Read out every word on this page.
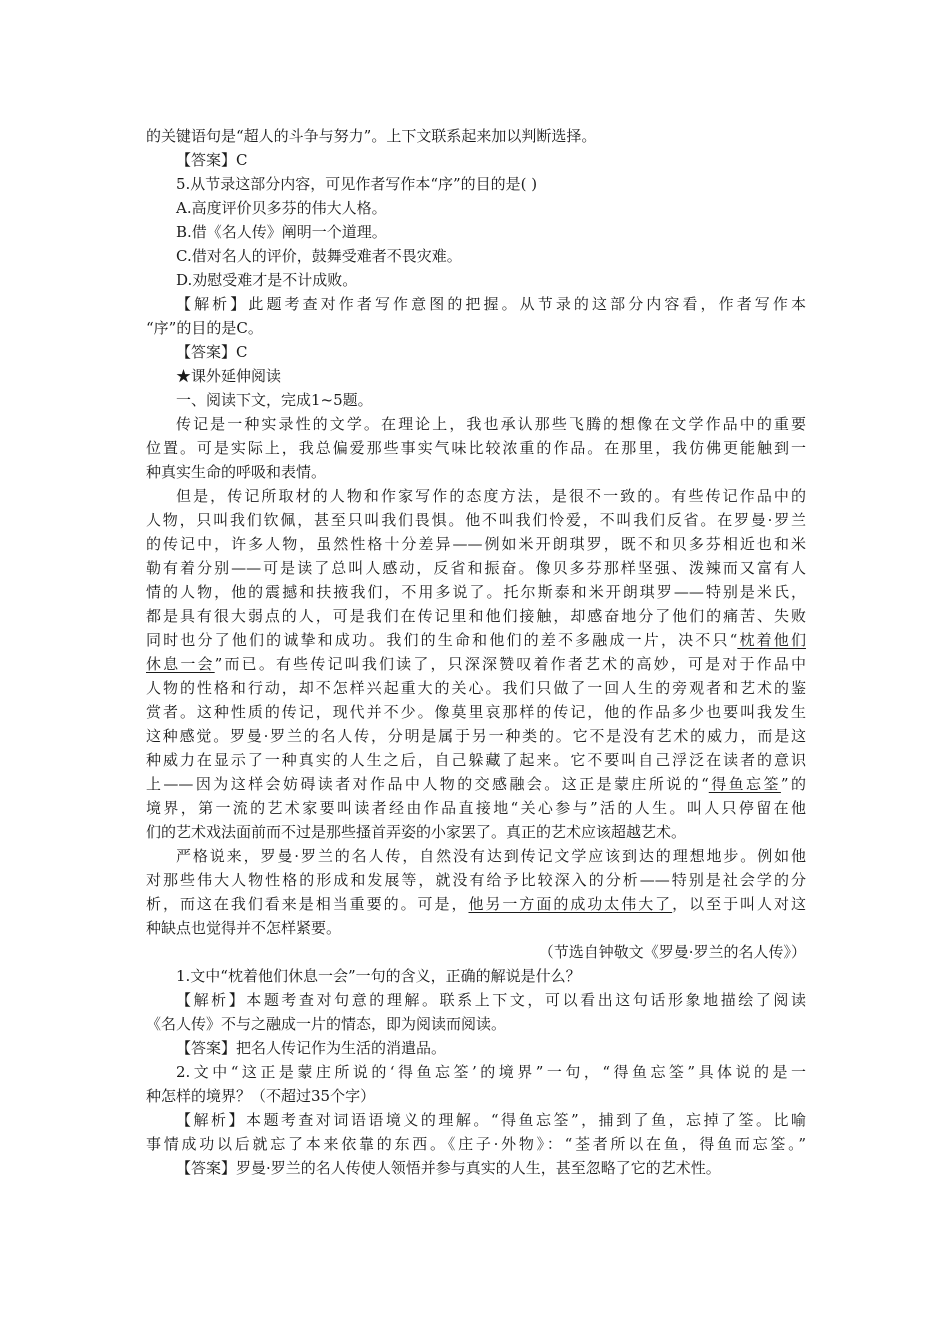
的关键语句是“超人的斗争与努力”。上下文联系起来加以判断选择。
【答案】C
5.从节录这部分内容，可见作者写作本“序”的目的是( )
A.高度评价贝多芬的伟大人格。
B.借《名人传》阐明一个道理。
C.借对名人的评价，鼓舞受难者不畏灾难。
D.劝慰受难才是不计成败。
【解析】此题考查对作者写作意图的把握。从节录的这部分内容看，作者写作本
“序”的目的是C。
【答案】C
★课外延伸阅读
一、阅读下文，完成1~5题。
传记是一种实录性的文学。在理论上，我也承认那些飞腾的想像在文学作品中的重要
位置。可是实际上，我总偏爱那些事实气味比较浓重的作品。在那里，我仿佛更能触到一
种真实生命的呼吸和表情。
但是，传记所取材的人物和作家写作的态度方法，是很不一致的。有些传记作品中的
人物，只叫我们钦佩，甚至只叫我们畏惧。他不叫我们怜爱，不叫我们反省。在罗曼·罗兰
的传记中，许多人物，虽然性格十分差异——例如米开朗琪罗，既不和贝多芬相近也和米
勒有着分别——可是读了总叫人感动，反省和振奋。像贝多芬那样坚强、泼辣而又富有人
情的人物，他的震撼和扶掖我们，不用多说了。托尔斯泰和米开朗琪罗——特别是米氏，
都是具有很大弱点的人，可是我们在传记里和他们接触，却感奋地分了他们的痛苦、失败
同时也分了他们的诚挚和成功。我们的生命和他们的差不多融成一片，决不只“枕着他们
休息一会”而已。有些传记叫我们读了，只深深赞叹着作者艺术的高妙，可是对于作品中
人物的性格和行动，却不怎样兴起重大的关心。我们只做了一回人生的旁观者和艺术的鉴
赏者。这种性质的传记，现代并不少。像莫里哀那样的传记，他的作品多少也要叫我发生
这种感觉。罗曼·罗兰的名人传，分明是属于另一种类的。它不是没有艺术的威力，而是这
种威力在显示了一种真实的人生之后，自己躲藏了起来。它不要叫自己浮泛在读者的意识
上——因为这样会妨碍读者对作品中人物的交感融会。这正是蒙庄所说的“得鱼忘筌”的
境界，第一流的艺术家要叫读者经由作品直接地“关心参与”活的人生。叫人只停留在他
们的艺术戏法面前而不过是那些搔首弄姿的小家罢了。真正的艺术应该超越艺术。
严格说来，罗曼·罗兰的名人传，自然没有达到传记文学应该到达的理想地步。例如他
对那些伟大人物性格的形成和发展等，就没有给予比较深入的分析——特别是社会学的分
析，而这在我们看来是相当重要的。可是，他另一方面的成功太伟大了，以至于叫人对这
种缺点也觉得并不怎样紧要。
（节选自钟敬文《罗曼·罗兰的名人传》）
1.文中“枕着他们休息一会”一句的含义，正确的解说是什么？
【解析】本题考查对句意的理解。联系上下文，可以看出这句话形象地描绘了阅读
《名人传》不与之融成一片的情态，即为阅读而阅读。
【答案】把名人传记作为生活的消遣品。
2.文中“这正是蒙庄所说的‘得鱼忘筌’的境界”一句，“得鱼忘筌”具体说的是一
种怎样的境界？（不超过35个字）
【解析】本题考查对词语语境义的理解。“得鱼忘筌”，捕到了鱼，忘掉了筌。比喻
事情成功以后就忘了本来依靠的东西。《庄子·外物》：“荃者所以在鱼，得鱼而忘筌。”
【答案】罗曼·罗兰的名人传使人领悟并参与真实的人生，甚至忽略了它的艺术性。
